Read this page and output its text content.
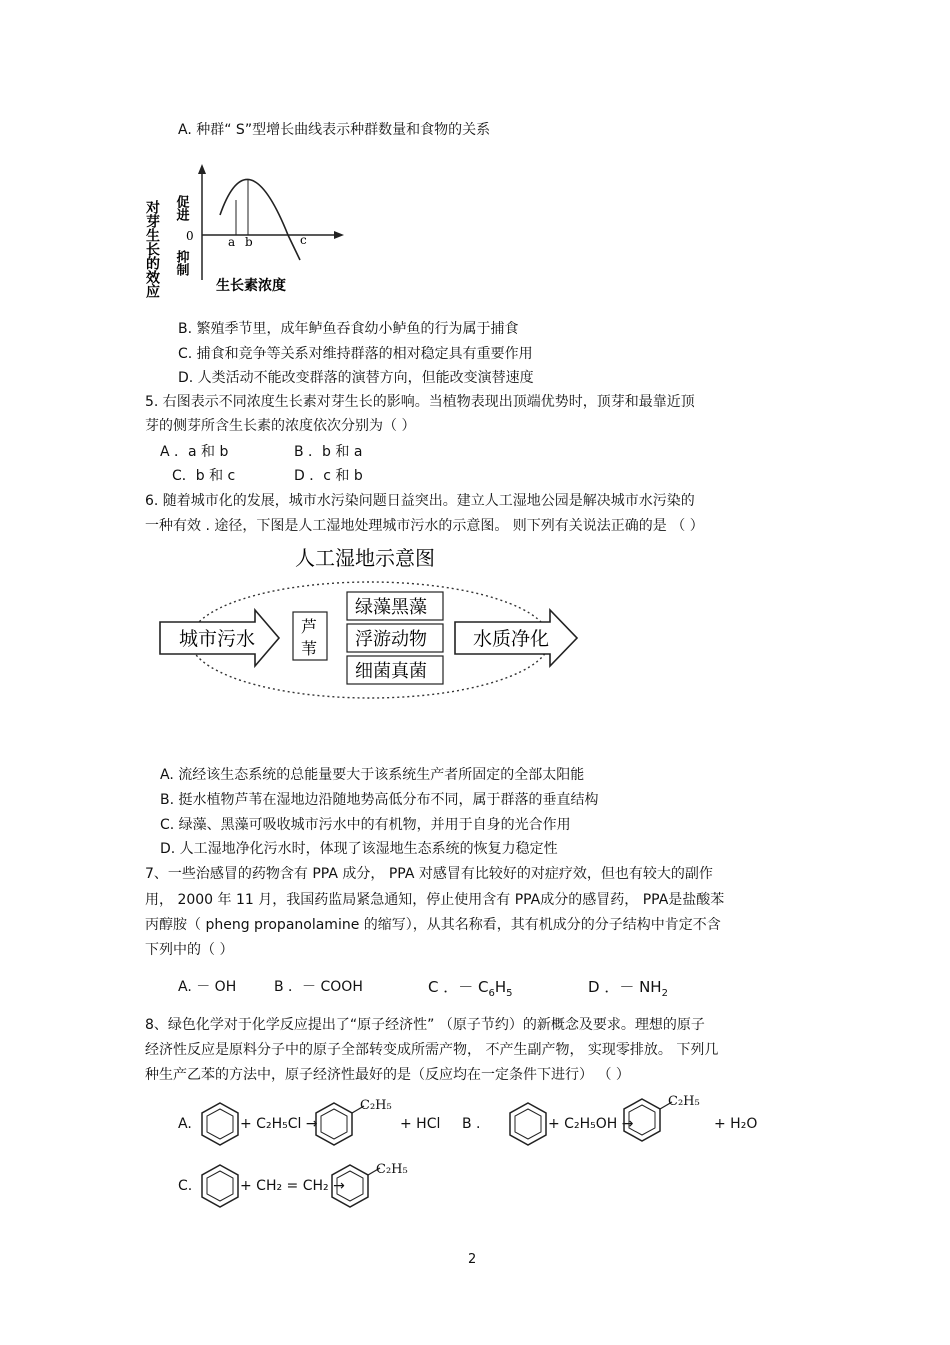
A. 种群“ S”型增长曲线表示种群数量和食物的关系
对芽生长的效应 促进
0
抑制
a b	c
生长素浓度
B. 繁殖季节里，成年鲈鱼吞食幼小鲈鱼的行为属于捕食
C. 捕食和竞争等关系对维持群落的相对稳定具有重要作用
D. 人类活动不能改变群落的演替方向，但能改变演替速度
5. 右图表示不同浓度生长素对芽生长的影响。当植物表现出顶端优势时，顶芽和最靠近顶
芽的侧芽所含生长素的浓度依次分别为（ ）
A ．a 和 b	B ．b 和 a
C．b 和 c	D ．c 和 b
6. 随着城市化的发展，城市水污染问题日益突出。建立人工湿地公园是解决城市水污染的
一种有效 . 途径，下图是人工湿地处理城市污水的示意图。 则下列有关说法正确的是 （ ）
人工湿地示意图
城市污水
芦
苇
绿藻黑藻
浮游动物
细菌真菌
水质净化
A. 流经该生态系统的总能量要大于该系统生产者所固定的全部太阳能
B. 挺水植物芦苇在湿地边沿随地势高低分布不同，属于群落的垂直结构
C. 绿藻、黑藻可吸收城市污水中的有机物，并用于自身的光合作用
D. 人工湿地净化污水时，体现了该湿地生态系统的恢复力稳定性
7、一些治感冒的药物含有 PPA 成分， PPA 对感冒有比较好的对症疗效，但也有较大的副作
用， 2000 年 11 月，我国药监局紧急通知，停止使用含有 PPA成分的感冒药， PPA是盐酸苯
丙醇胺（ pheng propanolamine 的缩写），从其名称看，其有机成分的分子结构中肯定不含
下列中的（ ）
A. － OH	B ．－ COOH	C ．－ $C_6H_5$	D ．－ $NH_2$
8、绿色化学对于化学反应提出了“原子经济性” （原子节约）的新概念及要求。理想的原子
经济性反应是原料分子中的原子全部转变成所需产物， 不产生副产物， 实现零排放。 下列几
种生产乙苯的方法中，原子经济性最好的是（反应均在一定条件下进行） （ ）
A.	+ C₂H₅Cl →
C₂H₅
+ HCl B .	+ C₂H₅OH →
C₂H₅
+ H₂O
C.	+ CH₂ = CH₂ →
C₂H₅
2
